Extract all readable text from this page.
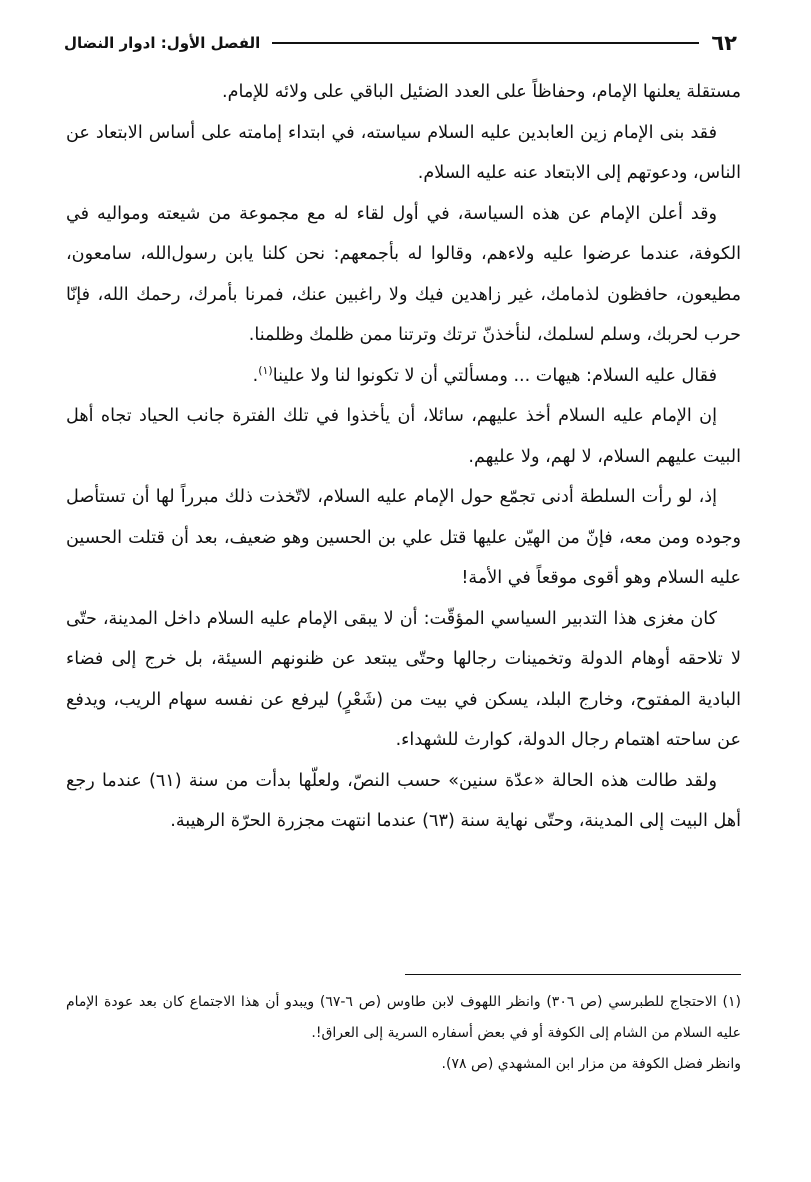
الفصل الأول: ادوار النضال	٦٢

مستقلة يعلنها الإمام، وحفاظاً على العدد الضئيل الباقي على ولائه للإمام.

فقد بنى الإمام زين العابدين عليه السلام سياسته، في ابتداء إمامته على أساس الابتعاد عن الناس، ودعوتهم إلى الابتعاد عنه عليه السلام.

وقد أعلن الإمام عن هذه السياسة، في أول لقاء له مع مجموعة من شيعته ومواليه في الكوفة، عندما عرضوا عليه ولاءهم، وقالوا له بأجمعهم: نحن كلنا يابن رسول‌الله، سامعون، مطيعون، حافظون لذمامك، غير زاهدين فيك ولا راغبين عنك، فمرنا بأمرك، رحمك الله، فإنّا حرب لحربك، وسلم لسلمك، لنأخذنّ ترتك وترتنا ممن ظلمك وظلمنا.

فقال عليه السلام: هيهات ... ومسألتي أن لا تكونوا لنا ولا علينا$^{(١)}$.

إن الإمام عليه السلام أخذ عليهم، سائلا، أن يأخذوا في تلك الفترة جانب الحياد تجاه أهل البيت عليهم السلام، لا لهم، ولا عليهم.

إذ، لو رأت السلطة أدنى تجمّع حول الإمام عليه السلام، لاتّخذت ذلك مبرراً لها أن تستأصل وجوده ومن معه، فإنّ من الهيّن عليها قتل علي بن الحسين وهو ضعيف، بعد أن قتلت الحسين عليه السلام وهو أقوى موقعاً في الأمة!

كان مغزى هذا التدبير السياسي المؤقّت: أن لا يبقى الإمام عليه السلام داخل المدينة، حتّى لا تلاحقه أوهام الدولة وتخمينات رجالها وحتّى يبتعد عن ظنونهم السيئة، بل خرج إلى فضاء البادية المفتوح، وخارج البلد، يسكن في بيت من (شَعْرٍ) ليرفع عن نفسه سهام الريب، ويدفع عن ساحته اهتمام رجال الدولة، كوارث للشهداء.

ولقد طالت هذه الحالة «عدّة سنين» حسب النصّ، ولعلّها بدأت من سنة (٦١) عندما رجع أهل البيت إلى المدينة، وحتّى نهاية سنة (٦٣) عندما انتهت مجزرة الحرّة الرهيبة.

(١) الاحتجاج للطبرسي (ص ٣٠٦) وانظر اللهوف لابن طاوس (ص ٦-٦٧) ويبدو أن هذا الاجتماع كان بعد عودة الإمام عليه السلام من الشام إلى الكوفة أو في بعض أسفاره السرية إلى العراق!.

وانظر فضل الكوفة من مزار ابن المشهدي (ص ٧٨).
